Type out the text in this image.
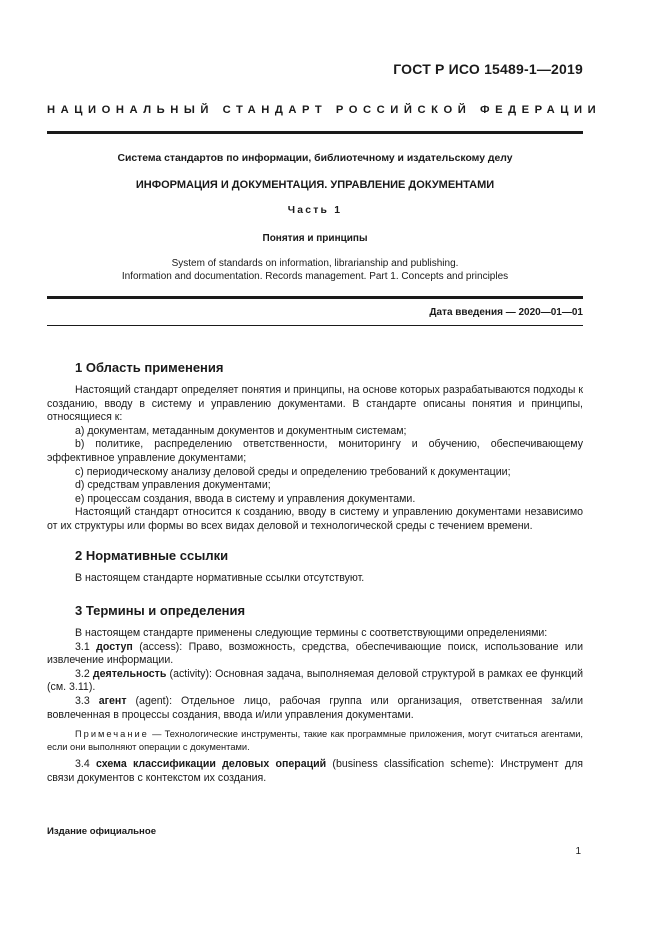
ГОСТ Р ИСО 15489-1—2019
НАЦИОНАЛЬНЫЙ СТАНДАРТ РОССИЙСКОЙ ФЕДЕРАЦИИ
Система стандартов по информации, библиотечному и издательскому делу
ИНФОРМАЦИЯ И ДОКУМЕНТАЦИЯ. УПРАВЛЕНИЕ ДОКУМЕНТАМИ
Часть 1
Понятия и принципы
System of standards on information, librarianship and publishing.
Information and documentation. Records management. Part 1. Concepts and principles
Дата введения — 2020—01—01
1 Область применения

Настоящий стандарт определяет понятия и принципы, на основе которых разрабатываются подходы к созданию, вводу в систему и управлению документами. В стандарте описаны понятия и принципы, относящиеся к:

a) документам, метаданным документов и документным системам;

b) политике, распределению ответственности, мониторингу и обучению, обеспечивающему эффективное управление документами;

c) периодическому анализу деловой среды и определению требований к документации;

d) средствам управления документами;

e) процессам создания, ввода в систему и управления документами.

Настоящий стандарт относится к созданию, вводу в систему и управлению документами независимо от их структуры или формы во всех видах деловой и технологической среды с течением времени.

2 Нормативные ссылки

В настоящем стандарте нормативные ссылки отсутствуют.

3 Термины и определения

В настоящем стандарте применены следующие термины с соответствующими определениями:

3.1 доступ (access): Право, возможность, средства, обеспечивающие поиск, использование или извлечение информации.

3.2 деятельность (activity): Основная задача, выполняемая деловой структурой в рамках ее функций (см. 3.11).

3.3 агент (agent): Отдельное лицо, рабочая группа или организация, ответственная за/или вовлеченная в процессы создания, ввода и/или управления документами.

Примечание — Технологические инструменты, такие как программные приложения, могут считаться агентами, если они выполняют операции с документами.

3.4 схема классификации деловых операций (business classification scheme): Инструмент для связи документов с контекстом их создания.

Издание официальное
1
